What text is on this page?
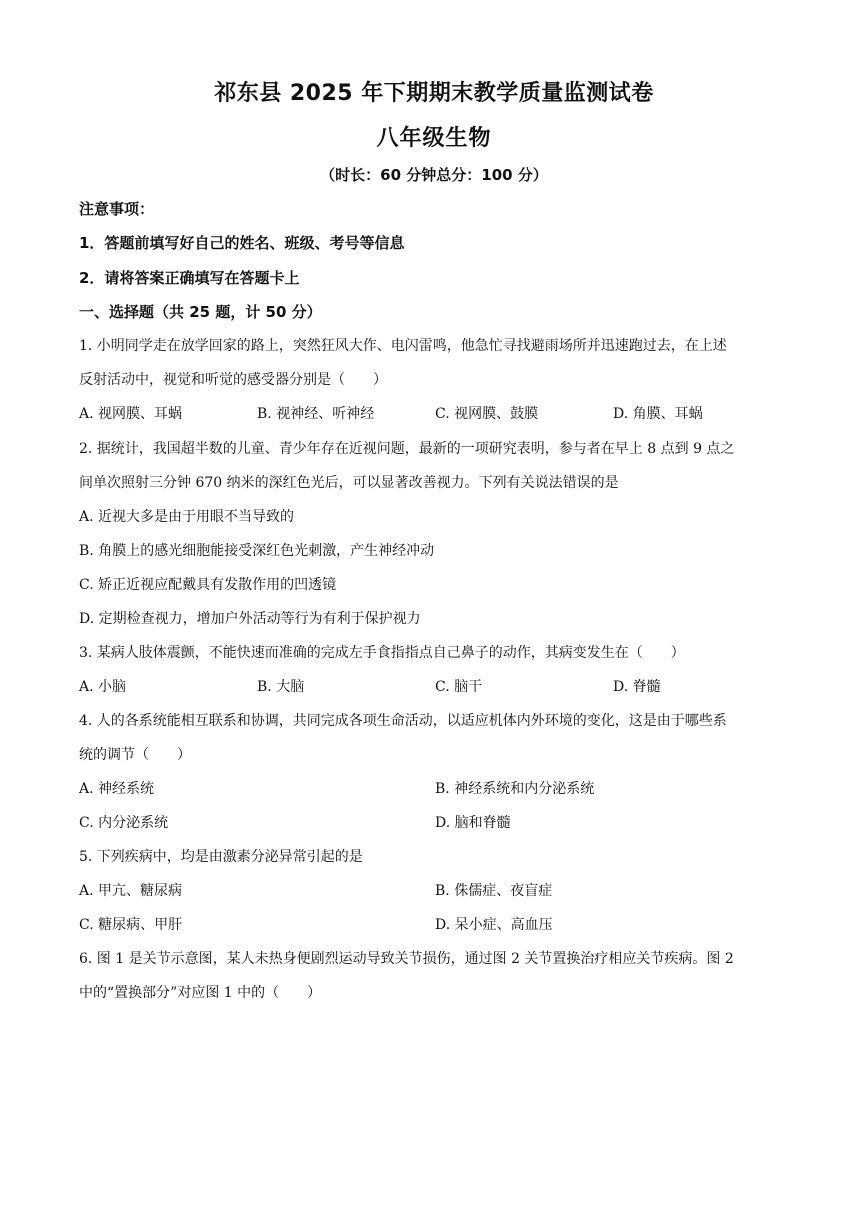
祁东县 2025 年下期期末教学质量监测试卷
八年级生物
（时长：60 分钟总分：100 分）
注意事项：
1．答题前填写好自己的姓名、班级、考号等信息
2．请将答案正确填写在答题卡上
一、选择题（共 25 题，计 50 分）
1. 小明同学走在放学回家的路上，突然狂风大作、电闪雷鸣，他急忙寻找避雨场所并迅速跑过去，在上述
反射活动中，视觉和听觉的感受器分别是（　　）
A. 视网膜、耳蜗	B. 视神经、听神经	C. 视网膜、鼓膜	D. 角膜、耳蜗
2. 据统计，我国超半数的儿童、青少年存在近视问题，最新的一项研究表明，参与者在早上 8 点到 9 点之
间单次照射三分钟 670 纳米的深红色光后，可以显著改善视力。下列有关说法错误的是
A. 近视大多是由于用眼不当导致的
B. 角膜上的感光细胞能接受深红色光刺激，产生神经冲动
C. 矫正近视应配戴具有发散作用的凹透镜
D. 定期检查视力，增加户外活动等行为有利于保护视力
3. 某病人肢体震颤，不能快速而准确的完成左手食指指点自己鼻子的动作，其病变发生在（　　）
A. 小脑	B. 大脑	C. 脑干	D. 脊髓
4. 人的各系统能相互联系和协调，共同完成各项生命活动，以适应机体内外环境的变化，这是由于哪些系
统的调节（　　）
A. 神经系统	B. 神经系统和内分泌系统
C. 内分泌系统	D. 脑和脊髓
5. 下列疾病中，均是由激素分泌异常引起的是
A. 甲亢、糖尿病	B. 侏儒症、夜盲症
C. 糖尿病、甲肝	D. 呆小症、高血压
6. 图 1 是关节示意图，某人未热身便剧烈运动导致关节损伤，通过图 2 关节置换治疗相应关节疾病。图 2
中的“置换部分”对应图 1 中的（　　）
